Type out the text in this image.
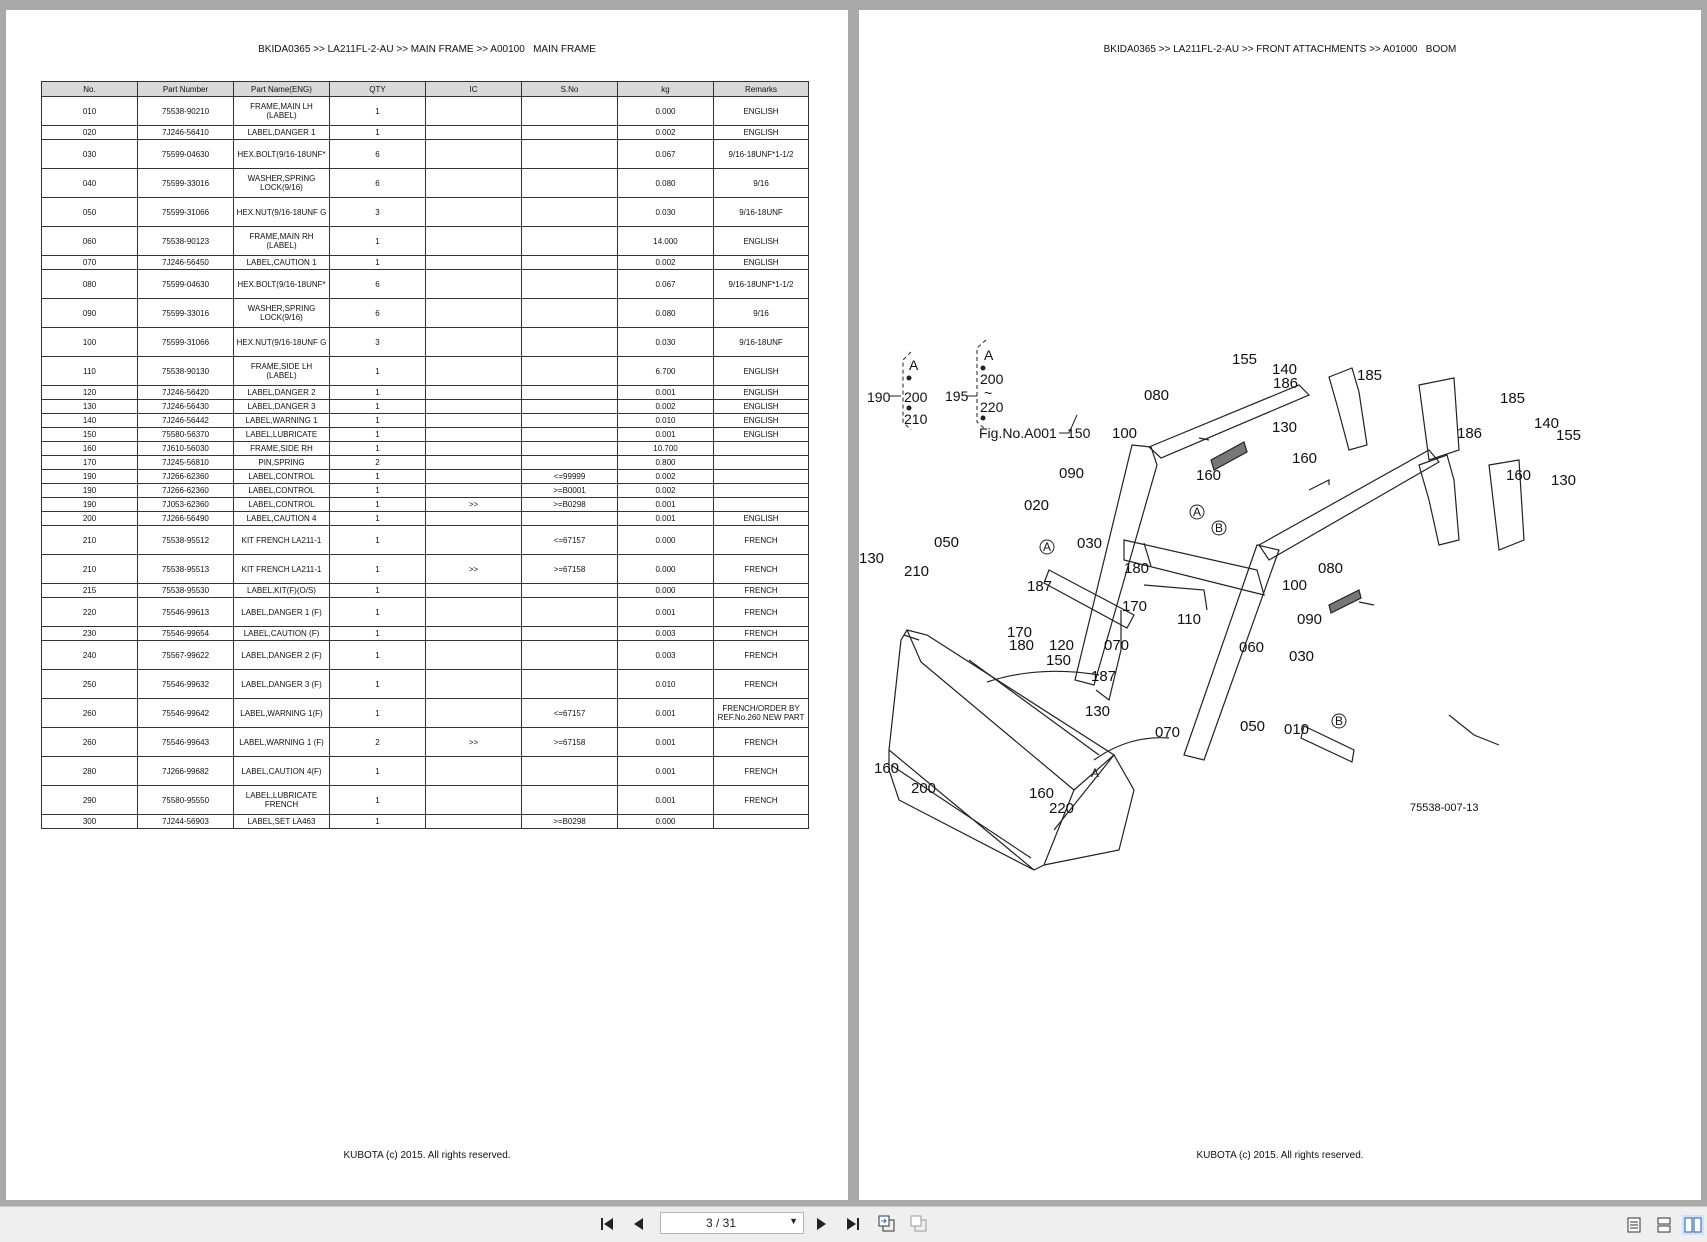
BKIDA0365 >> LA211FL-2-AU >> MAIN FRAME >> A00100   MAIN FRAME
No.	Part Number	Part Name(ENG)	QTY	IC	S.No	kg	Remarks
010	75538-90210	FRAME,MAIN LH (LABEL)	1			0.000	ENGLISH
020	7J246-56410	LABEL,DANGER 1	1			0.002	ENGLISH
030	75599-04630	HEX.BOLT(9/16-18UNF*	6			0.067	9/16-18UNF*1-1/2
040	75599-33016	WASHER,SPRING LOCK(9/16)	6			0.080	9/16
050	75599-31066	HEX.NUT(9/16-18UNF G	3			0.030	9/16-18UNF
060	75538-90123	FRAME,MAIN RH (LABEL)	1			14.000	ENGLISH
070	7J246-56450	LABEL,CAUTION 1	1			0.002	ENGLISH
080	75599-04630	HEX.BOLT(9/16-18UNF*	6			0.067	9/16-18UNF*1-1/2
090	75599-33016	WASHER,SPRING LOCK(9/16)	6			0.080	9/16
100	75599-31066	HEX.NUT(9/16-18UNF G	3			0.030	9/16-18UNF
110	75538-90130	FRAME,SIDE LH (LABEL)	1			6.700	ENGLISH
120	7J246-56420	LABEL,DANGER 2	1			0.001	ENGLISH
130	7J246-56430	LABEL,DANGER 3	1			0.002	ENGLISH
140	7J246-56442	LABEL,WARNING 1	1			0.010	ENGLISH
150	75580-56370	LABEL,LUBRICATE	1			0.001	ENGLISH
160	7J610-56030	FRAME,SIDE RH	1			10.700	
170	7J245-56810	PIN,SPRING	2			0.800	
190	7J266-62360	LABEL,CONTROL	1		<=99999	0.002	
190	7J266-62360	LABEL,CONTROL	1		>=B0001	0.002	
190	7J053-62360	LABEL,CONTROL	1	>>	>=B0298	0.001	
200	7J266-56490	LABEL,CAUTION 4	1			0.001	ENGLISH
210	75538-95512	KIT FRENCH LA211-1	1		<=67157	0.000	FRENCH
210	75538-95513	KIT FRENCH LA211-1	1	>>	>=67158	0.000	FRENCH
215	75538-95530	LABEL,KIT(F)(O/S)	1			0.000	FRENCH
220	75546-99613	LABEL,DANGER 1 (F)	1			0.001	FRENCH
230	75546-99654	LABEL,CAUTION (F)	1			0.003	FRENCH
240	75567-99622	LABEL,DANGER 2 (F)	1			0.003	FRENCH
250	75546-99632	LABEL,DANGER 3 (F)	1			0.010	FRENCH
260	75546-99642	LABEL,WARNING 1(F)	1		<=67157	0.001	FRENCH/ORDER BY REF.No.260 NEW PART
260	75546-99643	LABEL,WARNING 1 (F)	2	>>	>=67158	0.001	FRENCH
280	7J266-99682	LABEL,CAUTION 4(F)	1			0.001	FRENCH
290	75580-95550	LABEL,LUBRICATE FRENCH	1			0.001	FRENCH
300	7J244-56903	LABEL,SET LA463	1		>=B0298	0.000	
KUBOTA (c) 2015. All rights reserved.
BKIDA0365 >> LA211FL-2-AU >> FRONT ATTACHMENTS >> A01000   BOOM
155
140
186	185
080	185
140
155
186
130
160
160 130
100
160
090
020
050	030
130
210	180
170
110
187
080
100
090
170
180 120 070
150
060
030
187
130
050 010
070
160
200	160
220
190
A
200
210
195
A
200
~
220
Fig.No.A001 150
75538-007-13
A
A
B
B
A
KUBOTA (c) 2015. All rights reserved.
3 / 31	▼
